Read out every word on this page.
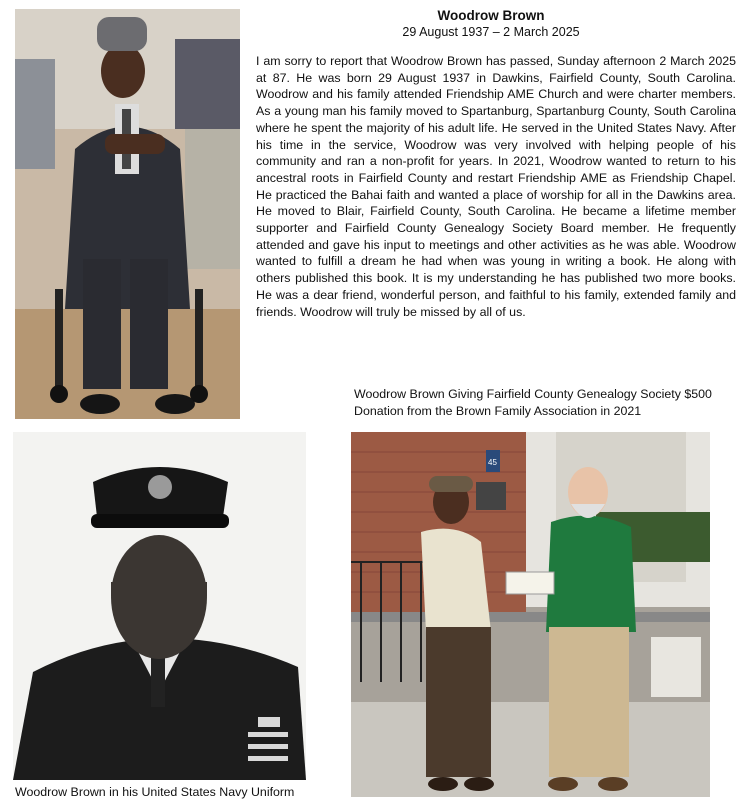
Woodrow Brown
29 August 1937 – 2 March 2025

I am sorry to report that Woodrow Brown has passed, Sunday afternoon 2 March 2025 at 87. He was born 29 August 1937 in Dawkins, Fairfield County, South Carolina. Woodrow and his family attended Friendship AME Church and were charter members. As a young man his family moved to Spartanburg, Spartanburg County, South Carolina where he spent the majority of his adult life. He served in the United States Navy. After his time in the service, Woodrow was very involved with helping people of his community and ran a non-profit for years. In 2021, Woodrow wanted to return to his ancestral roots in Fairfield County and restart Friendship AME as Friendship Chapel. He practiced the Bahai faith and wanted a place of worship for all in the Dawkins area. He moved to Blair, Fairfield County, South Carolina. He became a lifetime member supporter and Fairfield County Genealogy Society Board member. He frequently attended and gave his input to meetings and other activities as he was able. Woodrow wanted to fulfill a dream he had when was young in writing a book. He along with others published this book. It is my understanding he has published two more books. He was a dear friend, wonderful person, and faithful to his family, extended family and friends. Woodrow will truly be missed by all of us.

Woodrow Brown Giving Fairfield County Genealogy Society $500
Donation from the Brown Family Association in 2021
Woodrow Brown in his United States Navy Uniform
45
